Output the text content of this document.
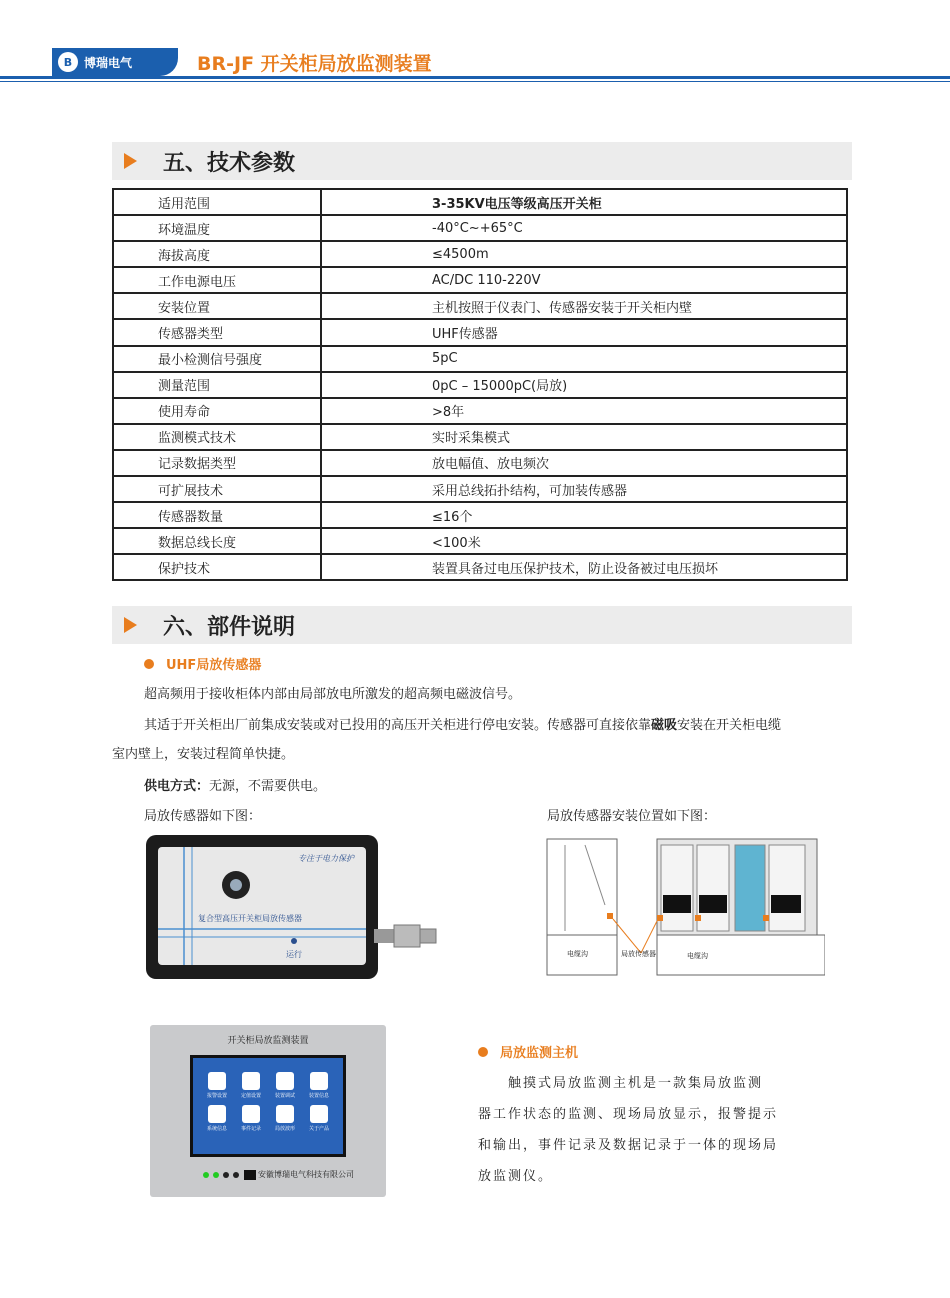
B 博瑞电气	BR-JF 开关柜局放监测装置
五、技术参数
适用范围	3-35KV电压等级高压开关柜
环境温度	-40°C~+65°C
海拔高度	≤4500m
工作电源电压	AC/DC 110-220V
安装位置	主机按照于仪表门、传感器安装于开关柜内壁
传感器类型	UHF传感器
最小检测信号强度	5pC
测量范围	0pC – 15000pC(局放)
使用寿命	>8年
监测模式技术	实时采集模式
记录数据类型	放电幅值、放电频次
可扩展技术	采用总线拓扑结构，可加装传感器
传感器数量	≤16个
数据总线长度	<100米
保护技术	装置具备过电压保护技术，防止设备被过电压损坏
六、部件说明
UHF局放传感器
超高频用于接收柜体内部由局部放电所激发的超高频电磁波信号。
其适于开关柜出厂前集成安装或对已投用的高压开关柜进行停电安装。传感器可直接依靠磁吸安装在开关柜电缆
室内壁上，安装过程简单快捷。
供电方式：无源，不需要供电。
局放传感器如下图：	局放传感器安装位置如下图：
专注于电力保护
复合型高压开关柜局放传感器
运行	电缆沟	局放传感器	电缆沟
开关柜局放监测装置
报警设置	定值设置	装置调试	装置信息
系统信息	事件记录	局放波形	关于产品
安徽博瑞电气科技有限公司
局放监测主机
触摸式局放监测主机是一款集局放监测
器工作状态的监测、现场局放显示，报警提示
和输出，事件记录及数据记录于一体的现场局
放监测仪。
